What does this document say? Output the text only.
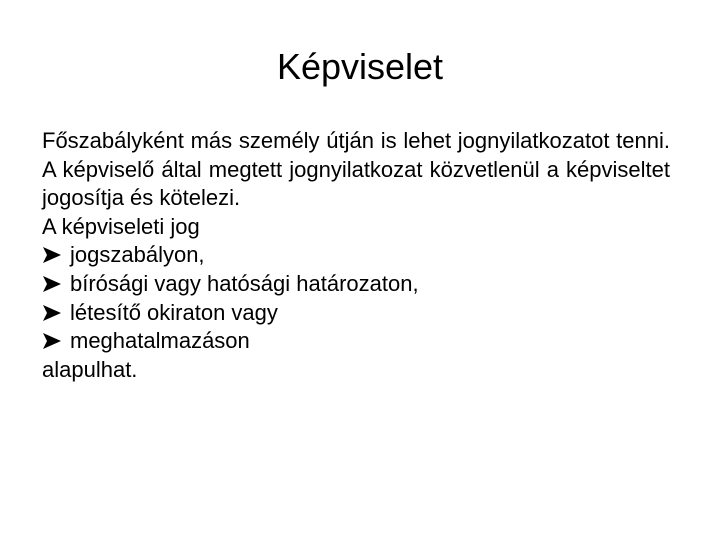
Képviselet

Főszabályként más személy útján is lehet jognyilatkozatot tenni. A képviselő által megtett jognyilatkozat közvetlenül a képviseltet jogosítja és kötelezi.

A képviseleti jog

jogszabályon,
bírósági vagy hatósági határozaton,
létesítő okiraton vagy
meghatalmazáson

alapulhat.
